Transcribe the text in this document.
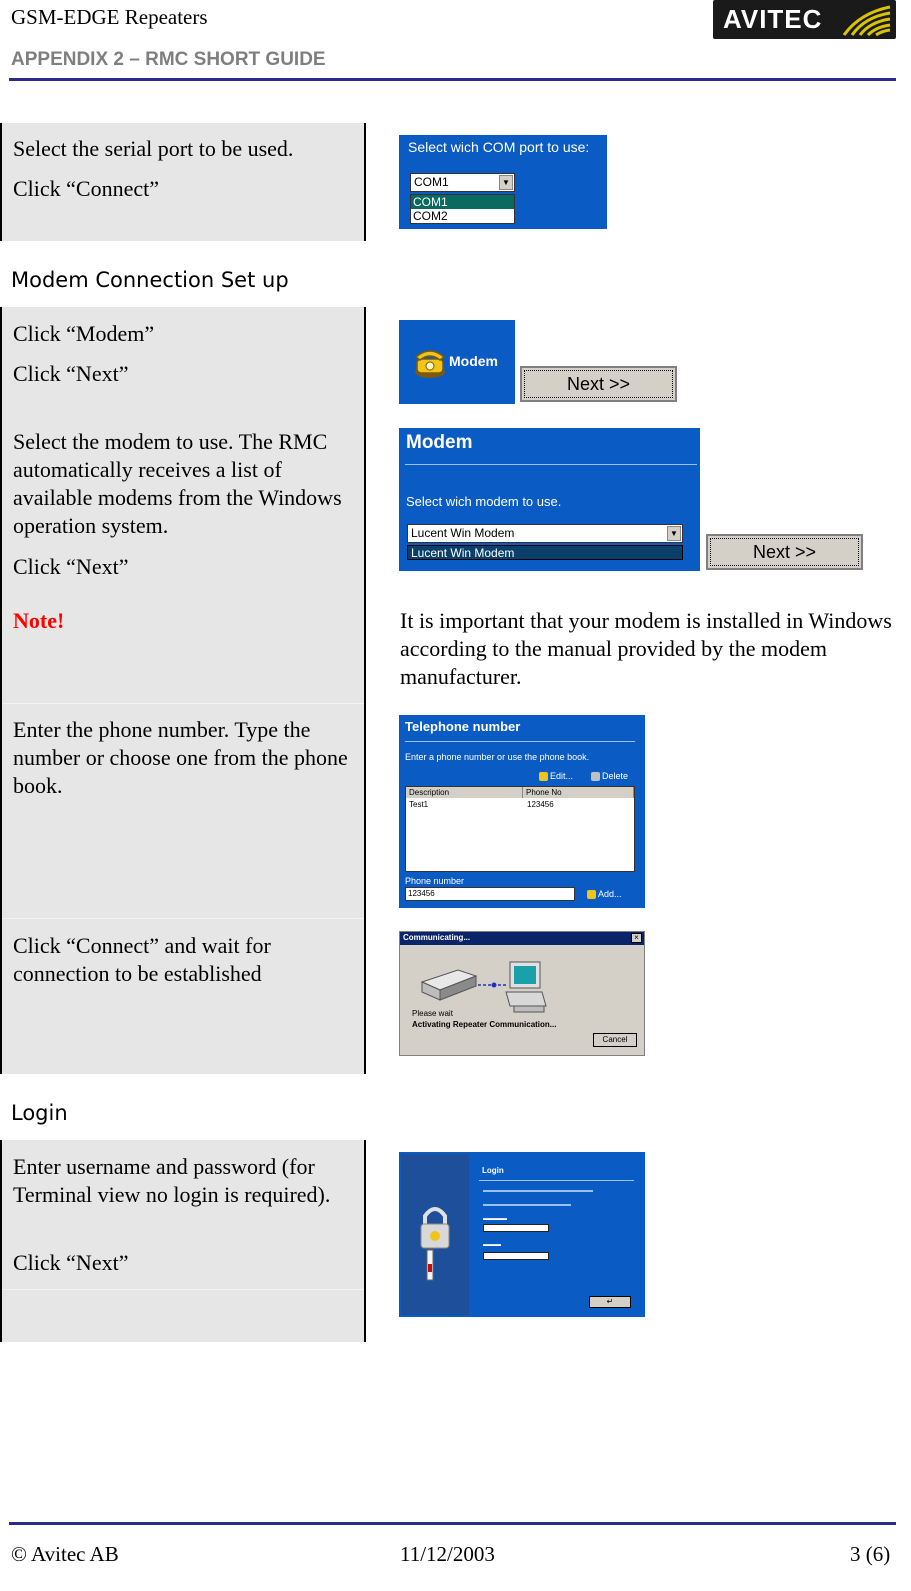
GSM-EDGE Repeaters
APPENDIX 2 – RMC SHORT GUIDE
AVITEC
Select the serial port to be used.
Click “Connect”
Select wich COM port to use:
COM1	▼
COM1
COM2
Modem Connection Set up
Click “Modem”
Click “Next”
Select the modem to use. The RMC automatically receives a list of available modems from the Windows operation system.
Click “Next”
Note!
Enter the phone number. Type the number or choose one from the phone book.
Click “Connect” and wait for connection to be established
Modem
Next >>
Modem
Select wich modem to use.
Lucent Win Modem	▼
Lucent Win Modem	Next >>
It is important that your modem is installed in Windows according to the manual provided by the modem manufacturer.
Telephone number
Enter a phone number or use the phone book.
Edit...	Delete
Description	Phone No
Test1	123456
Phone number
123456	Add...
Communicating...	×
Please wait
Activating Repeater Communication...
Cancel
Login
Enter username and password (for Terminal view no login is required).
Click “Next”
Login
▬▬▬▬
▬▬▬
↵
© Avitec AB	11/12/2003	3 (6)
